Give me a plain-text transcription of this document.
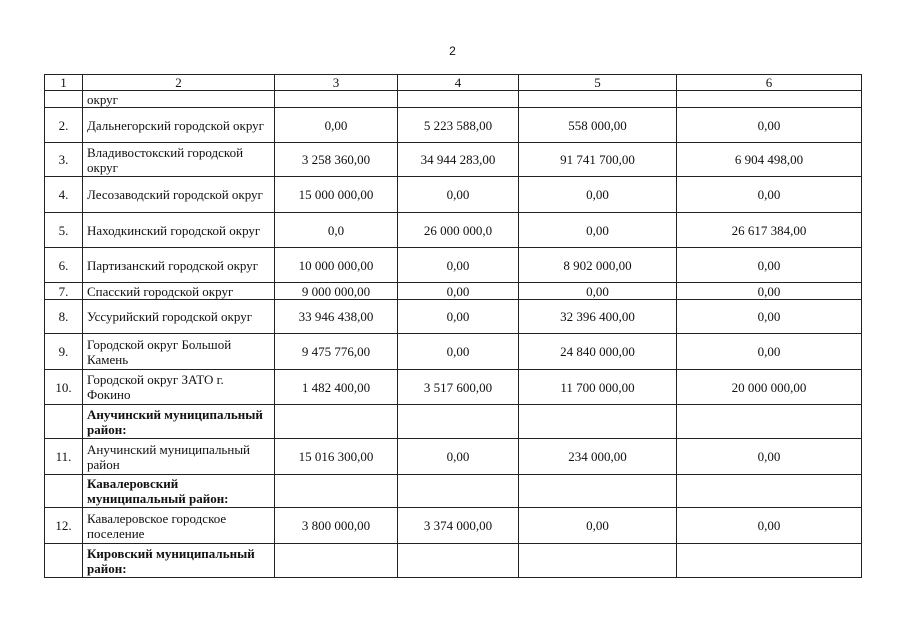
2
1	2	3	4	5	6
	округ				
2.	Дальнегорский городской округ	0,00	5 223 588,00	558 000,00	0,00
3.	Владивостокский городской округ	3 258 360,00	34 944 283,00	91 741 700,00	6 904 498,00
4.	Лесозаводский городской округ	15 000 000,00	0,00	0,00	0,00
5.	Находкинский городской округ	0,0	26 000 000,0	0,00	26 617 384,00
6.	Партизанский городской округ	10 000 000,00	0,00	8 902 000,00	0,00
7.	Спасский городской округ	9 000 000,00	0,00	0,00	0,00
8.	Уссурийский городской округ	33 946 438,00	0,00	32 396 400,00	0,00
9.	Городской округ Большой Камень	9 475 776,00	0,00	24 840 000,00	0,00
10.	Городской округ ЗАТО г. Фокино	1 482 400,00	3 517 600,00	11 700 000,00	20 000 000,00
	Анучинский муниципальный район:				
11.	Анучинский муниципальный район	15 016 300,00	0,00	234 000,00	0,00
	Кавалеровский муниципальный район:				
12.	Кавалеровское городское поселение	3 800 000,00	3 374 000,00	0,00	0,00
	Кировский муниципальный район:				
